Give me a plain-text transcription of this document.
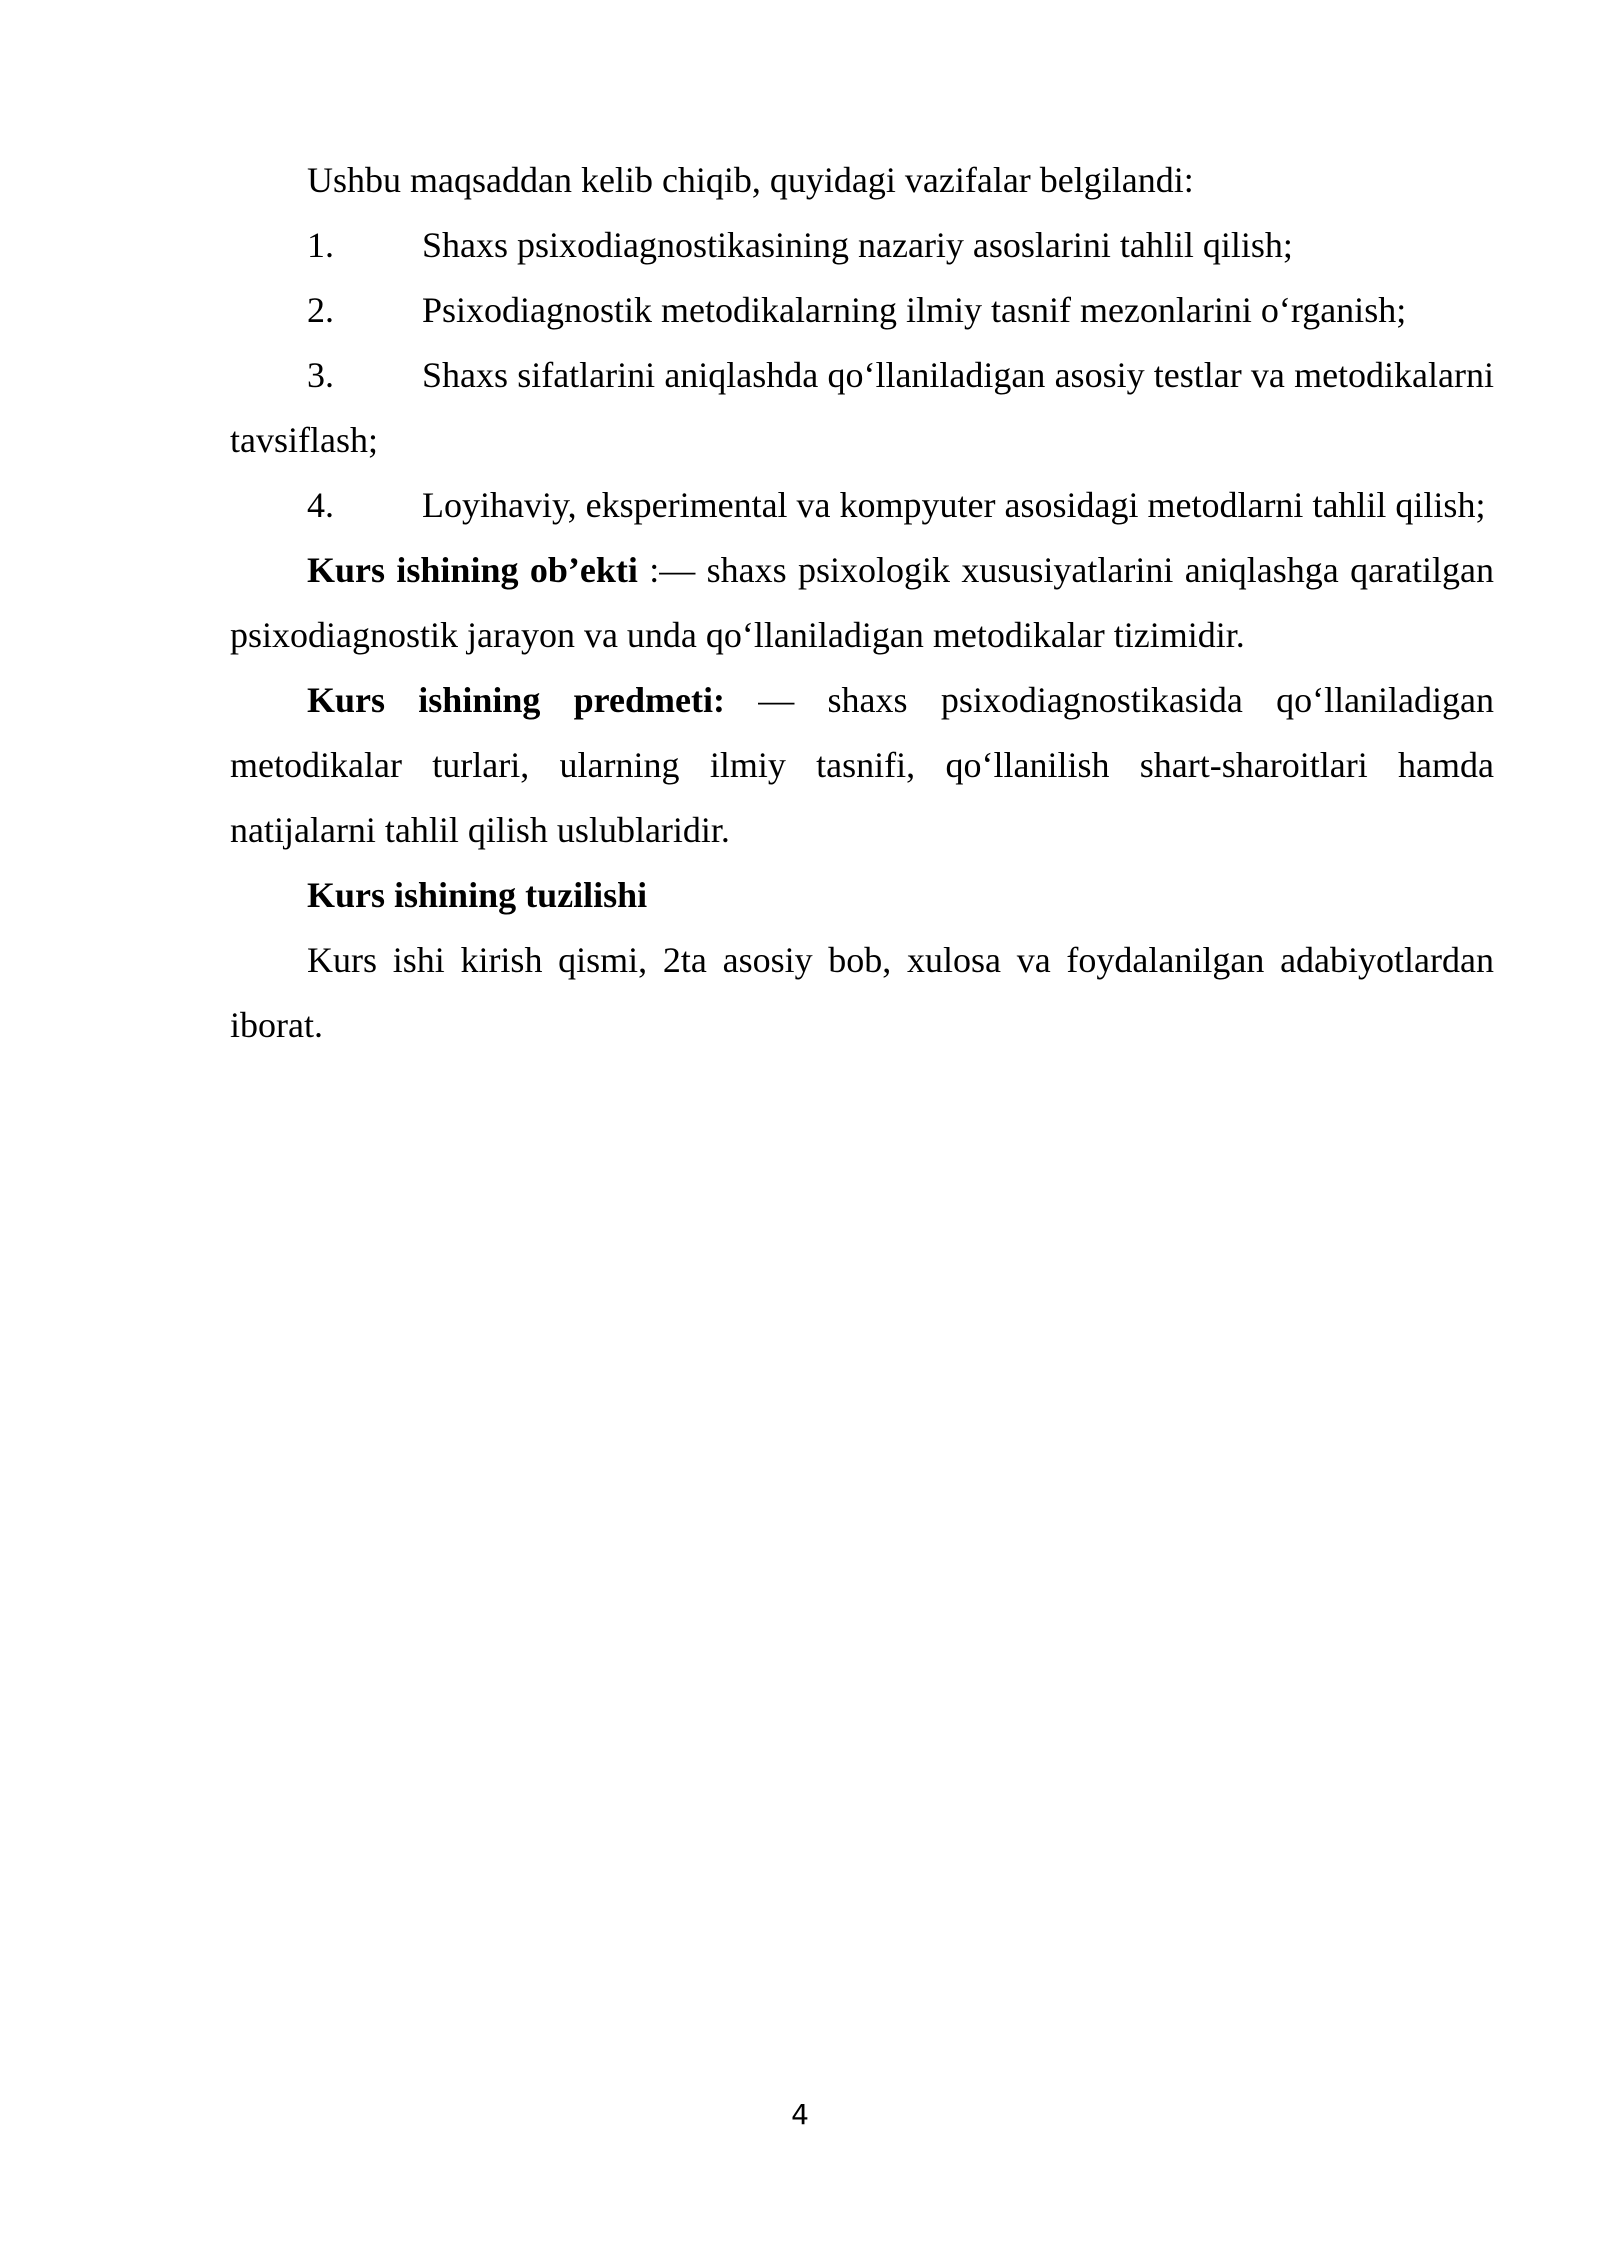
Ushbu maqsaddan kelib chiqib, quyidagi vazifalar belgilandi:

1. Shaxs psixodiagnostikasining nazariy asoslarini tahlil qilish;

2. Psixodiagnostik metodikalarning ilmiy tasnif mezonlarini o‘rganish;

3. Shaxs sifatlarini aniqlashda qo‘llaniladigan asosiy testlar va metodikalarni tavsiflash;

4. Loyihaviy, eksperimental va kompyuter asosidagi metodlarni tahlil qilish;

Kurs ishining ob’ekti :— shaxs psixologik xususiyatlarini aniqlashga qaratilgan psixodiagnostik jarayon va unda qo‘llaniladigan metodikalar tizimidir.

Kurs ishining predmeti: — shaxs psixodiagnostikasida qo‘llaniladigan metodikalar turlari, ularning ilmiy tasnifi, qo‘llanilish shart-sharoitlari hamda natijalarni tahlil qilish uslublaridir.

Kurs ishining tuzilishi

Kurs ishi kirish qismi, 2ta asosiy bob, xulosa va foydalanilgan adabiyotlardan iborat.

4
